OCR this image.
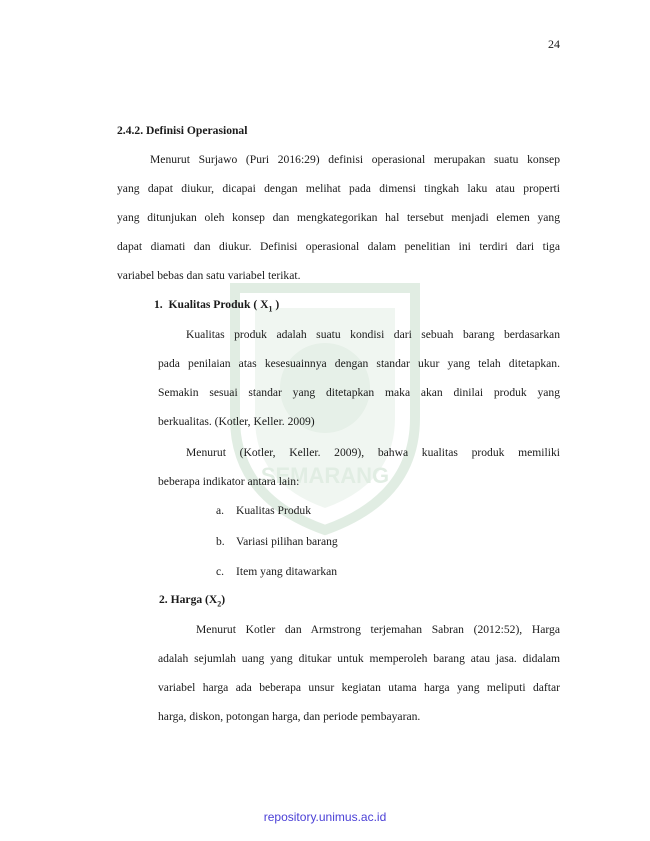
SEMARANG
24
2.4.2. Definisi Operasional
Menurut Surjawo (Puri 2016:29) definisi operasional merupakan suatu konsep
yang dapat diukur, dicapai dengan melihat pada dimensi tingkah laku atau properti
yang ditunjukan oleh konsep dan mengkategorikan hal tersebut menjadi elemen yang
dapat diamati dan diukur. Definisi operasional dalam penelitian ini terdiri dari tiga
variabel bebas dan satu variabel terikat.
1. Kualitas Produk ( $X_1$ )
Kualitas produk adalah suatu kondisi dari sebuah barang berdasarkan
pada penilaian atas kesesuainnya dengan standar ukur yang telah ditetapkan.
Semakin sesuai standar yang ditetapkan maka akan dinilai produk yang
berkualitas. (Kotler, Keller. 2009)
Menurut (Kotler, Keller. 2009), bahwa kualitas produk memiliki
beberapa indikator antara lain:
a. Kualitas Produk
b. Variasi pilihan barang
c. Item yang ditawarkan
2. Harga $(X_2)$
Menurut Kotler dan Armstrong terjemahan Sabran (2012:52), Harga
adalah sejumlah uang yang ditukar untuk memperoleh barang atau jasa. didalam
variabel harga ada beberapa unsur kegiatan utama harga yang meliputi daftar
harga, diskon, potongan harga, dan periode pembayaran.
repository.unimus.ac.id
